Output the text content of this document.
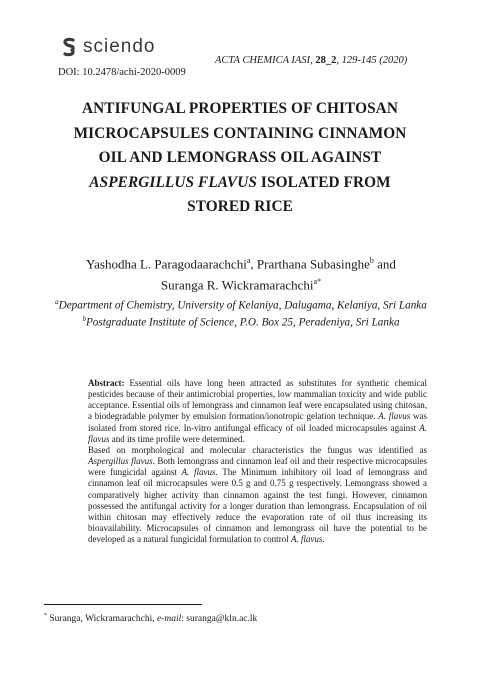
sciendo
ACTA CHEMICA IASI, 28_2, 129-145 (2020)
DOI: 10.2478/achi-2020-0009
ANTIFUNGAL PROPERTIES OF CHITOSAN
MICROCAPSULES CONTAINING CINNAMON
OIL AND LEMONGRASS OIL AGAINST
ASPERGILLUS FLAVUS ISOLATED FROM
STORED RICE
Yashodha L. Paragodaarachchi$^a$, Prarthana Subasinghe$^b$ and
Suranga R. Wickramarachchi$^{a*}$
$^a$Department of Chemistry, University of Kelaniya, Dalugama, Kelaniya, Sri Lanka
$^b$Postgraduate Institute of Science, P.O. Box 25, Peradeniya, Sri Lanka

Abstract: Essential oils have long been attracted as substitutes for synthetic chemical pesticides because of their antimicrobial properties, low mammalian toxicity and wide public acceptance. Essential oils of lemongrass and cinnamon leaf were encapsulated using chitosan, a biodegradable polymer by emulsion formation/ionotropic gelation technique. A. flavus was isolated from stored rice. In-vitro antifungal efficacy of oil loaded microcapsules against A. flavus and its time profile were determined.

Based on morphological and molecular characteristics the fungus was identified as Aspergillus flavus. Both lemongrass and cinnamon leaf oil and their respective microcapsules were fungicidal against A. flavus. The Minimum inhibitory oil load of lemongrass and cinnamon leaf oil microcapsules were 0.5 g and 0.75 g respectively. Lemongrass showed a comparatively higher activity than cinnamon against the test fungi. However, cinnamon possessed the antifungal activity for a longer duration than lemongrass. Encapsulation of oil within chitosan may effectively reduce the evaporation rate of oil thus increasing its bioavailability. Microcapsules of cinnamon and lemongrass oil have the potential to be developed as a natural fungicidal formulation to control A. flavus.

* Suranga, Wickramarachchi, e-mail: suranga@kln.ac.lk
